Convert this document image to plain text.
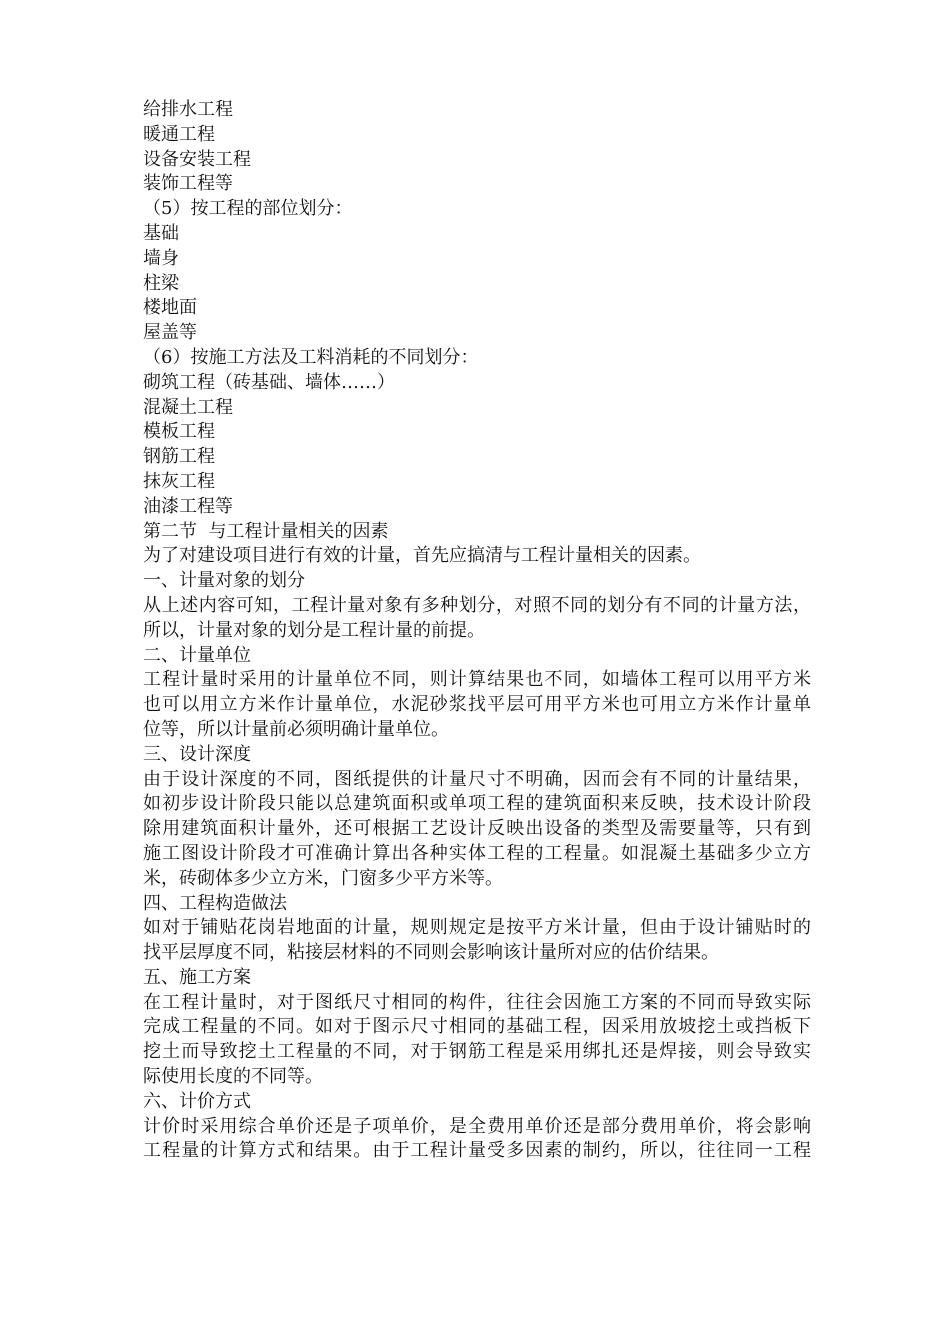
给排水工程
暖通工程
设备安装工程
装饰工程等
（5）按工程的部位划分：
基础
墙身
柱梁
楼地面
屋盖等
（6）按施工方法及工料消耗的不同划分：
砌筑工程（砖基础、墙体……）
混凝土工程
模板工程
钢筋工程
抹灰工程
油漆工程等
第二节  与工程计量相关的因素
为了对建设项目进行有效的计量，首先应搞清与工程计量相关的因素。
一、计量对象的划分
从上述内容可知，工程计量对象有多种划分，对照不同的划分有不同的计量方法，
所以，计量对象的划分是工程计量的前提。
二、计量单位
工程计量时采用的计量单位不同，则计算结果也不同，如墙体工程可以用平方米
也可以用立方米作计量单位，水泥砂浆找平层可用平方米也可用立方米作计量单
位等，所以计量前必须明确计量单位。
三、设计深度
由于设计深度的不同，图纸提供的计量尺寸不明确，因而会有不同的计量结果，
如初步设计阶段只能以总建筑面积或单项工程的建筑面积来反映，技术设计阶段
除用建筑面积计量外，还可根据工艺设计反映出设备的类型及需要量等，只有到
施工图设计阶段才可准确计算出各种实体工程的工程量。如混凝土基础多少立方
米，砖砌体多少立方米，门窗多少平方米等。
四、工程构造做法
如对于铺贴花岗岩地面的计量，规则规定是按平方米计量，但由于设计铺贴时的
找平层厚度不同，粘接层材料的不同则会影响该计量所对应的估价结果。
五、施工方案
在工程计量时，对于图纸尺寸相同的构件，往往会因施工方案的不同而导致实际
完成工程量的不同。如对于图示尺寸相同的基础工程，因采用放坡挖土或挡板下
挖土而导致挖土工程量的不同，对于钢筋工程是采用绑扎还是焊接，则会导致实
际使用长度的不同等。
六、计价方式
计价时采用综合单价还是子项单价，是全费用单价还是部分费用单价，将会影响
工程量的计算方式和结果。由于工程计量受多因素的制约，所以，往往同一工程
